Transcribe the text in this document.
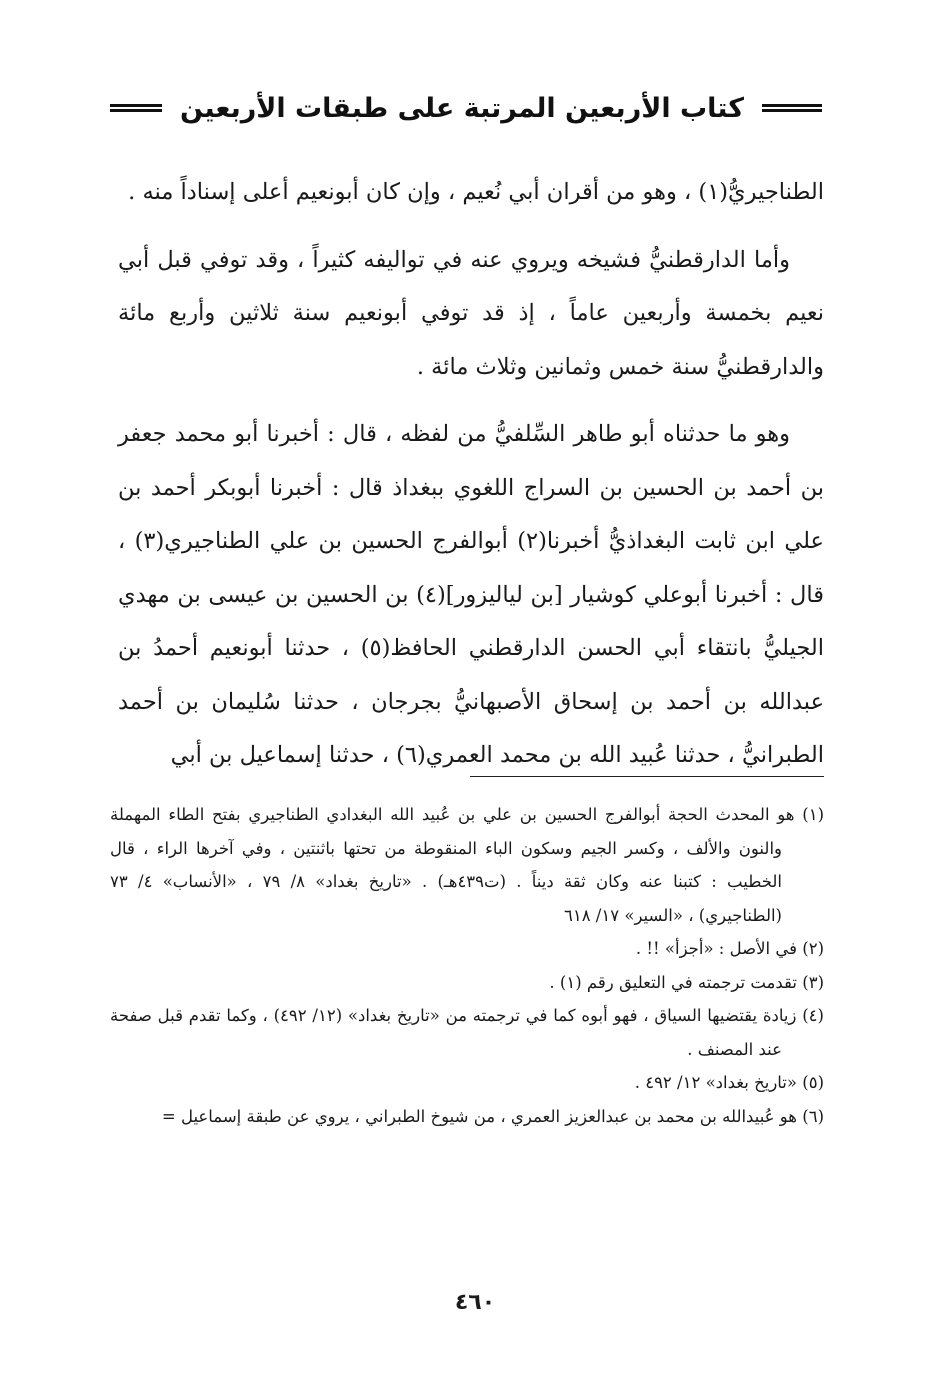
كتاب الأربعين المرتبة على طبقات الأربعين

الطناجيريُّ(١) ، وهو من أقران أبي نُعيم ، وإن كان أبونعيم أعلى إسناداً منه .

وأما الدارقطنيُّ فشيخه ويروي عنه في تواليفه كثيراً ، وقد توفي قبل أبي نعيم بخمسة وأربعين عاماً ، إذ قد توفي أبونعيم سنة ثلاثين وأربع مائة والدارقطنيُّ سنة خمس وثمانين وثلاث مائة .

وهو ما حدثناه أبو طاهر السِّلفيُّ من لفظه ، قال : أخبرنا أبو محمد جعفر بن أحمد بن الحسين بن السراج اللغوي ببغداذ قال : أخبرنا أبوبكر أحمد بن علي ابن ثابت البغداذيُّ أخبرنا(٢) أبوالفرج الحسين بن علي الطناجيري(٣) ، قال : أخبرنا أبوعلي كوشيار [بن لياليزور](٤) بن الحسين بن عيسى بن مهدي الجيليُّ بانتقاء أبي الحسن الدارقطني الحافظ(٥) ، حدثنا أبونعيم أحمدُ بن عبدالله بن أحمد بن إسحاق الأصبهانيُّ بجرجان ، حدثنا سُليمان بن أحمد الطبرانيُّ ، حدثنا عُبيد الله بن محمد العمري(٦) ، حدثنا إسماعيل بن أبي

(١) هو المحدث الحجة أبوالفرج الحسين بن علي بن عُبيد الله البغدادي الطناجيري بفتح الطاء المهملة والنون والألف ، وكسر الجيم وسكون الباء المنقوطة من تحتها باثنتين ، وفي آخرها الراء ، قال الخطيب : كتبنا عنه وكان ثقة ديناً . (ت٤٣٩هـ) . «تاريخ بغداد» ٨/ ٧٩ ، «الأنساب» ٤/ ٧٣ (الطناجيري) ، «السير» ١٧/ ٦١٨

(٢) في الأصل : «أجزأ» !! .

(٣) تقدمت ترجمته في التعليق رقم (١) .

(٤) زيادة يقتضيها السياق ، فهو أبوه كما في ترجمته من «تاريخ بغداد» (١٢/ ٤٩٢) ، وكما تقدم قبل صفحة عند المصنف .

(٥) «تاريخ بغداد» ١٢/ ٤٩٢ .

(٦) هو عُبيدالله بن محمد بن عبدالعزيز العمري ، من شيوخ الطبراني ، يروي عن طبقة إسماعيل =

٤٦٠
